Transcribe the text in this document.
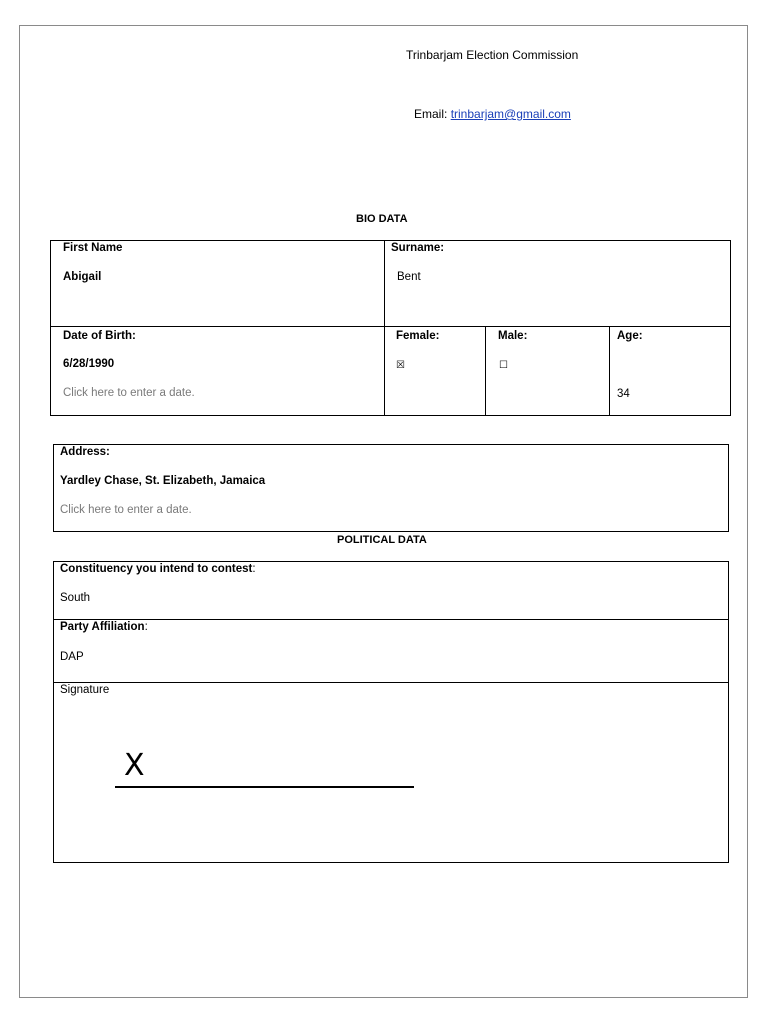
Trinbarjam Election Commission
Email: trinbarjam@gmail.com
BIO DATA
First Name
Abigail
Surname:
Bent
Date of Birth:
6/28/1990
Click here to enter a date.
Female:
☒
Male:
☐
Age:
34
Address:
Yardley Chase, St. Elizabeth, Jamaica
Click here to enter a date.
POLITICAL DATA
Constituency you intend to contest:
South
Party Affiliation:
DAP
Signature
X
